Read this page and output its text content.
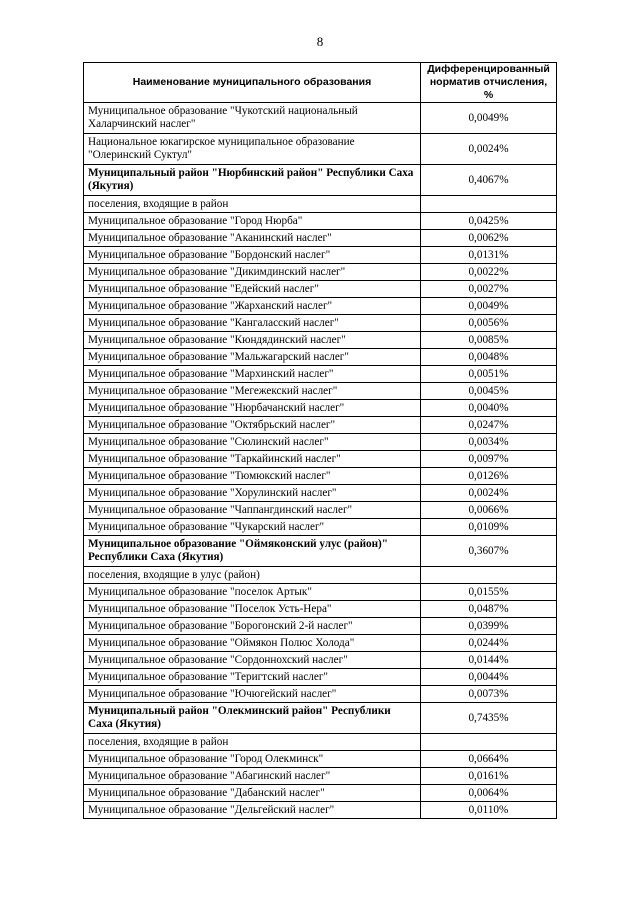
8
Наименование муниципального образования	Дифференцированный норматив отчисления, %
Муниципальное образование "Чукотский национальный Халарчинский наслег"	0,0049%
Национальное юкагирское муниципальное образование "Олеринский Суктул"	0,0024%
Муниципальный район "Нюрбинский район" Республики Саха (Якутия)	0,4067%
поселения, входящие в район	
Муниципальное образование "Город Нюрба"	0,0425%
Муниципальное образование "Аканинский наслег"	0,0062%
Муниципальное образование "Бордонский наслег"	0,0131%
Муниципальное образование "Дикимдинский наслег"	0,0022%
Муниципальное образование "Едейский наслег"	0,0027%
Муниципальное образование "Жарханский наслег"	0,0049%
Муниципальное образование "Кангаласский наслег"	0,0056%
Муниципальное образование "Кюндядинский наслег"	0,0085%
Муниципальное образование "Мальжагарский наслег"	0,0048%
Муниципальное образование "Мархинский наслег"	0,0051%
Муниципальное образование "Мегежекский наслег"	0,0045%
Муниципальное образование "Нюрбачанский наслег"	0,0040%
Муниципальное образование "Октябрьский наслег"	0,0247%
Муниципальное образование "Сюлинский наслег"	0,0034%
Муниципальное образование "Таркайинский наслег"	0,0097%
Муниципальное образование "Тюмюкский наслег"	0,0126%
Муниципальное образование "Хорулинский наслег"	0,0024%
Муниципальное образование "Чаппангдинский наслег"	0,0066%
Муниципальное образование "Чукарский наслег"	0,0109%
Муниципальное образование "Оймяконский улус (район)" Республики Саха (Якутия)	0,3607%
поселения, входящие в улус (район)	
Муниципальное образование "поселок Артык"	0,0155%
Муниципальное образование "Поселок Усть-Нера"	0,0487%
Муниципальное образование "Борогонский 2-й наслег"	0,0399%
Муниципальное образование "Оймякон Полюс Холода"	0,0244%
Муниципальное образование "Сордоннохский наслег"	0,0144%
Муниципальное образование "Теригтский наслег"	0,0044%
Муниципальное образование "Ючюгейский наслег"	0,0073%
Муниципальный район "Олекминский район" Республики Саха (Якутия)	0,7435%
поселения, входящие в район	
Муниципальное образование "Город Олекминск"	0,0664%
Муниципальное образование "Абагинский наслег"	0,0161%
Муниципальное образование "Дабанский наслег"	0,0064%
Муниципальное образование "Дельгейский наслег"	0,0110%
